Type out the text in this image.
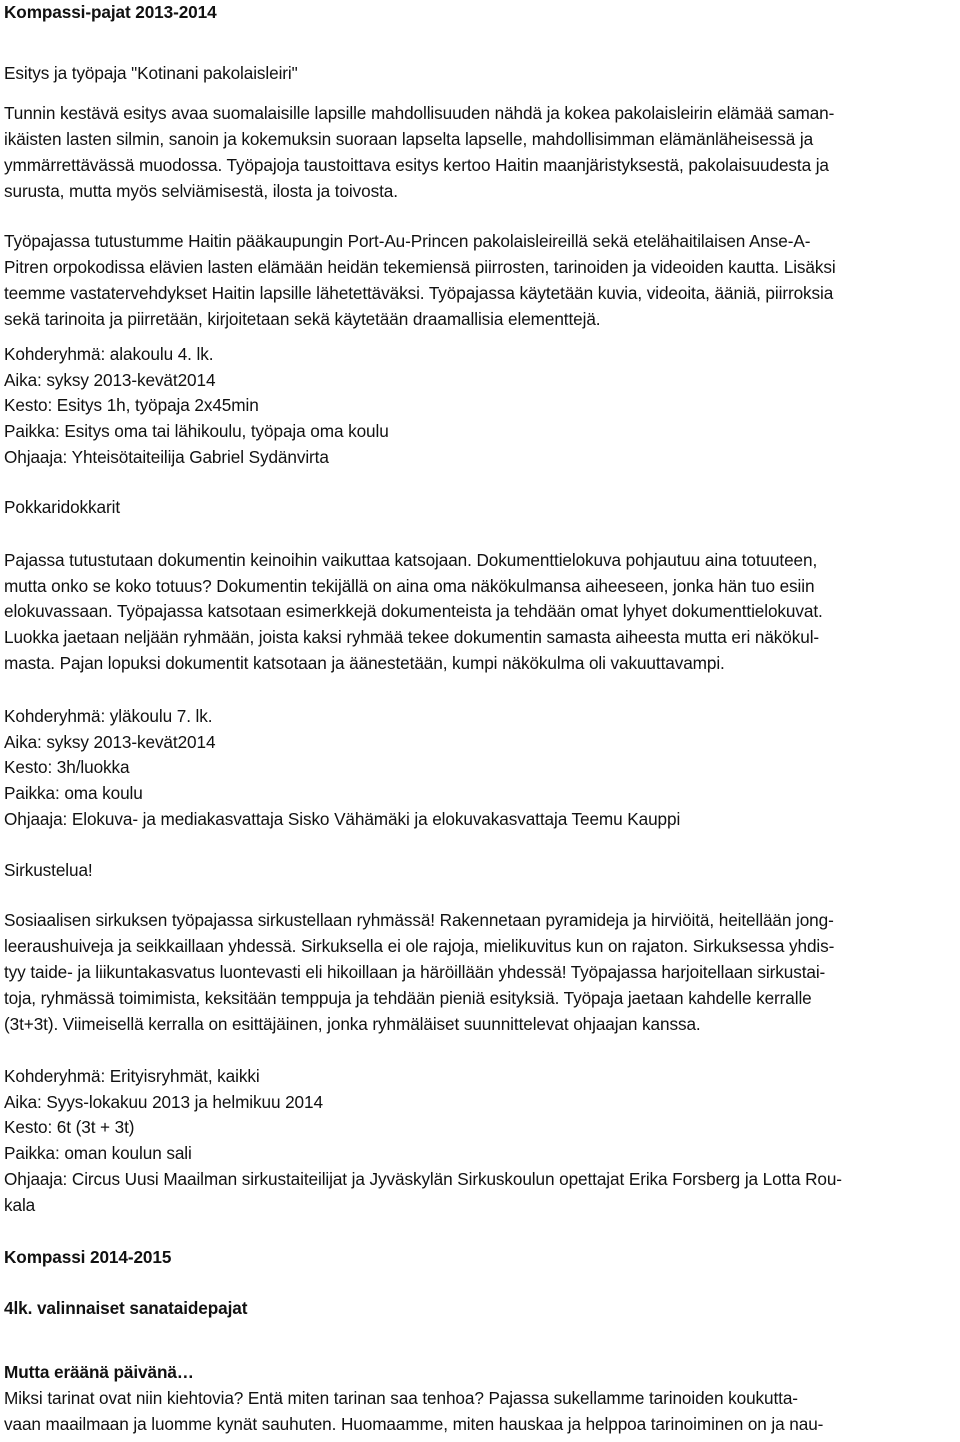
Kompassi-pajat 2013-2014
Esitys ja työpaja "Kotinani pakolaisleiri"
Tunnin kestävä esitys avaa suomalaisille lapsille mahdollisuuden nähdä ja kokea pakolaisleirin elämää saman-
ikäisten lasten silmin, sanoin ja kokemuksin suoraan lapselta lapselle, mahdollisimman elämänläheisessä ja
ymmärrettävässä muodossa. Työpajoja taustoittava esitys kertoo Haitin maanjäristyksestä, pakolaisuudesta ja
surusta, mutta myös selviämisestä, ilosta ja toivosta.
Työpajassa tutustumme Haitin pääkaupungin Port-Au-Princen pakolaisleireillä sekä etelähaitilaisen Anse-A-
Pitren orpokodissa elävien lasten elämään heidän tekemiensä piirrosten, tarinoiden ja videoiden kautta. Lisäksi
teemme vastatervehdykset Haitin lapsille lähetettäväksi. Työpajassa käytetään kuvia, videoita, ääniä, piirroksia
sekä tarinoita ja piirretään, kirjoitetaan sekä käytetään draamallisia elementtejä.
Kohderyhmä: alakoulu 4. lk.
Aika: syksy 2013-kevät2014
Kesto: Esitys 1h, työpaja 2x45min
Paikka: Esitys oma tai lähikoulu, työpaja oma koulu
Ohjaaja: Yhteisötaiteilija Gabriel Sydänvirta
Pokkaridokkarit
Pajassa tutustutaan dokumentin keinoihin vaikuttaa katsojaan. Dokumenttielokuva pohjautuu aina totuuteen,
mutta onko se koko totuus? Dokumentin tekijällä on aina oma näkökulmansa aiheeseen, jonka hän tuo esiin
elokuvassaan. Työpajassa katsotaan esimerkkejä dokumenteista ja tehdään omat lyhyet dokumenttielokuvat.
Luokka jaetaan neljään ryhmään, joista kaksi ryhmää tekee dokumentin samasta aiheesta mutta eri näkökul-
masta. Pajan lopuksi dokumentit katsotaan ja äänestetään, kumpi näkökulma oli vakuuttavampi.
Kohderyhmä: yläkoulu 7. lk.
Aika: syksy 2013-kevät2014
Kesto: 3h/luokka
Paikka: oma koulu
Ohjaaja: Elokuva- ja mediakasvattaja Sisko Vähämäki ja elokuvakasvattaja Teemu Kauppi
Sirkustelua!
Sosiaalisen sirkuksen työpajassa sirkustellaan ryhmässä! Rakennetaan pyramideja ja hirviöitä, heitellään jong-
leeraushuiveja ja seikkaillaan yhdessä. Sirkuksella ei ole rajoja, mielikuvitus kun on rajaton. Sirkuksessa yhdis-
tyy taide- ja liikuntakasvatus luontevasti eli hikoillaan ja häröillään yhdessä! Työpajassa harjoitellaan sirkustai-
toja, ryhmässä toimimista, keksitään temppuja ja tehdään pieniä esityksiä. Työpaja jaetaan kahdelle kerralle
(3t+3t). Viimeisellä kerralla on esittäjäinen, jonka ryhmäläiset suunnittelevat ohjaajan kanssa.
Kohderyhmä: Erityisryhmät, kaikki
Aika: Syys-lokakuu 2013 ja helmikuu 2014
Kesto: 6t (3t + 3t)
Paikka: oman koulun sali
Ohjaaja: Circus Uusi Maailman sirkustaiteilijat ja Jyväskylän Sirkuskoulun opettajat Erika Forsberg ja Lotta Rou-
kala
Kompassi 2014-2015
4lk. valinnaiset sanataidepajat
Mutta eräänä päivänä…
Miksi tarinat ovat niin kiehtovia? Entä miten tarinan saa tenhoa? Pajassa sukellamme tarinoiden koukutta-
vaan maailmaan ja luomme kynät sauhuten. Huomaamme, miten hauskaa ja helppoa tarinoiminen on ja nau-
